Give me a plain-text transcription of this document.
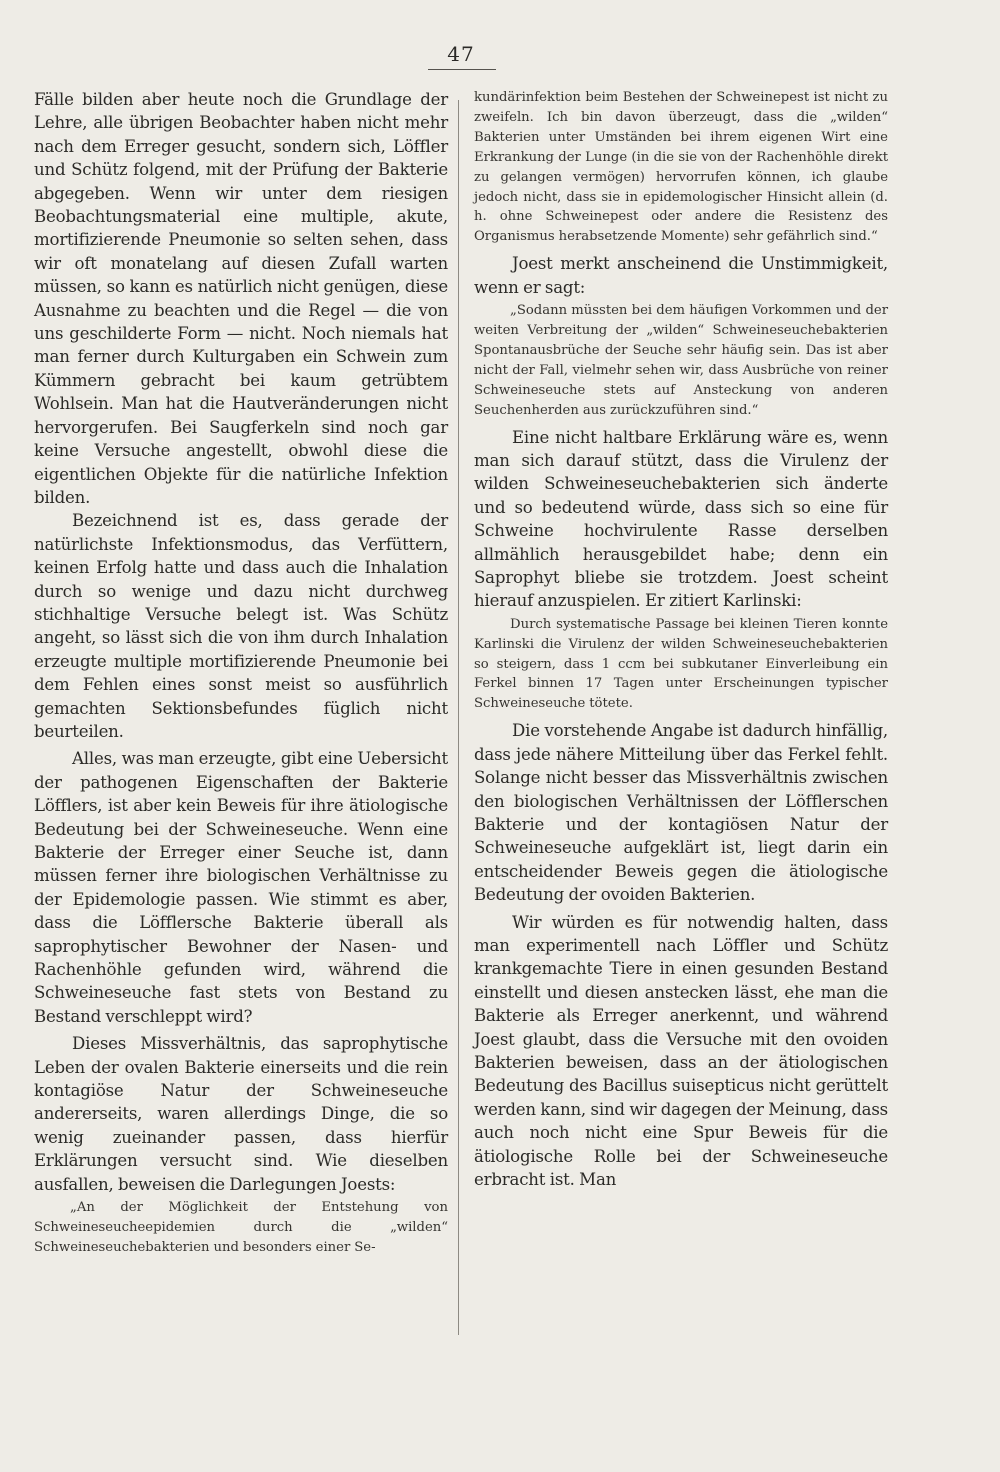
47

Fälle bilden aber heute noch die Grundlage der Lehre, alle übrigen Beobachter haben nicht mehr nach dem Erreger gesucht, sondern sich, Löffler und Schütz folgend, mit der Prüfung der Bakterie abgegeben. Wenn wir unter dem riesigen Beobachtungsmaterial eine multiple, akute, mortifizierende Pneumonie so selten sehen, dass wir oft monatelang auf diesen Zufall warten müssen, so kann es natürlich nicht genügen, diese Ausnahme zu beachten und die Regel — die von uns geschilderte Form — nicht. Noch niemals hat man ferner durch Kulturgaben ein Schwein zum Kümmern gebracht bei kaum getrübtem Wohlsein. Man hat die Hautveränderungen nicht hervorgerufen. Bei Saugferkeln sind noch gar keine Versuche angestellt, obwohl diese die eigentlichen Objekte für die natürliche Infektion bilden.

Bezeichnend ist es, dass gerade der natürlichste Infektionsmodus, das Verfüttern, keinen Erfolg hatte und dass auch die Inhalation durch so wenige und dazu nicht durchweg stichhaltige Versuche belegt ist. Was Schütz angeht, so lässt sich die von ihm durch Inhalation erzeugte multiple mortifizierende Pneumonie bei dem Fehlen eines sonst meist so ausführlich gemachten Sektionsbefundes füglich nicht beurteilen.

Alles, was man erzeugte, gibt eine Uebersicht der pathogenen Eigenschaften der Bakterie Löfflers, ist aber kein Beweis für ihre ätiologische Bedeutung bei der Schweineseuche. Wenn eine Bakterie der Erreger einer Seuche ist, dann müssen ferner ihre biologischen Verhältnisse zu der Epidemologie passen. Wie stimmt es aber, dass die Löfflersche Bakterie überall als saprophytischer Bewohner der Nasen- und Rachenhöhle gefunden wird, während die Schweineseuche fast stets von Bestand zu Bestand verschleppt wird?

Dieses Missverhältnis, das saprophytische Leben der ovalen Bakterie einerseits und die rein kontagiöse Natur der Schweineseuche andererseits, waren allerdings Dinge, die so wenig zueinander passen, dass hierfür Erklärungen versucht sind. Wie dieselben ausfallen, beweisen die Darlegungen Joests:

„An der Möglichkeit der Entstehung von Schweineseucheepidemien durch die „wilden“ Schweineseuchebakterien und besonders einer Se-

kundärinfektion beim Bestehen der Schweinepest ist nicht zu zweifeln. Ich bin davon überzeugt, dass die „wilden“ Bakterien unter Umständen bei ihrem eigenen Wirt eine Erkrankung der Lunge (in die sie von der Rachenhöhle direkt zu gelangen vermögen) hervorrufen können, ich glaube jedoch nicht, dass sie in epidemologischer Hinsicht allein (d. h. ohne Schweinepest oder andere die Resistenz des Organismus herabsetzende Momente) sehr gefährlich sind.“

Joest merkt anscheinend die Unstimmigkeit, wenn er sagt:

„Sodann müssten bei dem häufigen Vorkommen und der weiten Verbreitung der „wilden“ Schweineseuchebakterien Spontanausbrüche der Seuche sehr häufig sein. Das ist aber nicht der Fall, vielmehr sehen wir, dass Ausbrüche von reiner Schweineseuche stets auf Ansteckung von anderen Seuchenherden aus zurückzuführen sind.“

Eine nicht haltbare Erklärung wäre es, wenn man sich darauf stützt, dass die Virulenz der wilden Schweineseuchebakterien sich änderte und so bedeutend würde, dass sich so eine für Schweine hochvirulente Rasse derselben allmählich herausgebildet habe; denn ein Saprophyt bliebe sie trotzdem. Joest scheint hierauf anzuspielen. Er zitiert Karlinski:

Durch systematische Passage bei kleinen Tieren konnte Karlinski die Virulenz der wilden Schweineseuchebakterien so steigern, dass 1 ccm bei subkutaner Einverleibung ein Ferkel binnen 17 Tagen unter Erscheinungen typischer Schweineseuche tötete.

Die vorstehende Angabe ist dadurch hinfällig, dass jede nähere Mitteilung über das Ferkel fehlt. Solange nicht besser das Missverhältnis zwischen den biologischen Verhältnissen der Löfflerschen Bakterie und der kontagiösen Natur der Schweineseuche aufgeklärt ist, liegt darin ein entscheidender Beweis gegen die ätiologische Bedeutung der ovoiden Bakterien.

Wir würden es für notwendig halten, dass man experimentell nach Löffler und Schütz krankgemachte Tiere in einen gesunden Bestand einstellt und diesen anstecken lässt, ehe man die Bakterie als Erreger anerkennt, und während Joest glaubt, dass die Versuche mit den ovoiden Bakterien beweisen, dass an der ätiologischen Bedeutung des Bacillus suisepticus nicht gerüttelt werden kann, sind wir dagegen der Meinung, dass auch noch nicht eine Spur Beweis für die ätiologische Rolle bei der Schweineseuche erbracht ist. Man
